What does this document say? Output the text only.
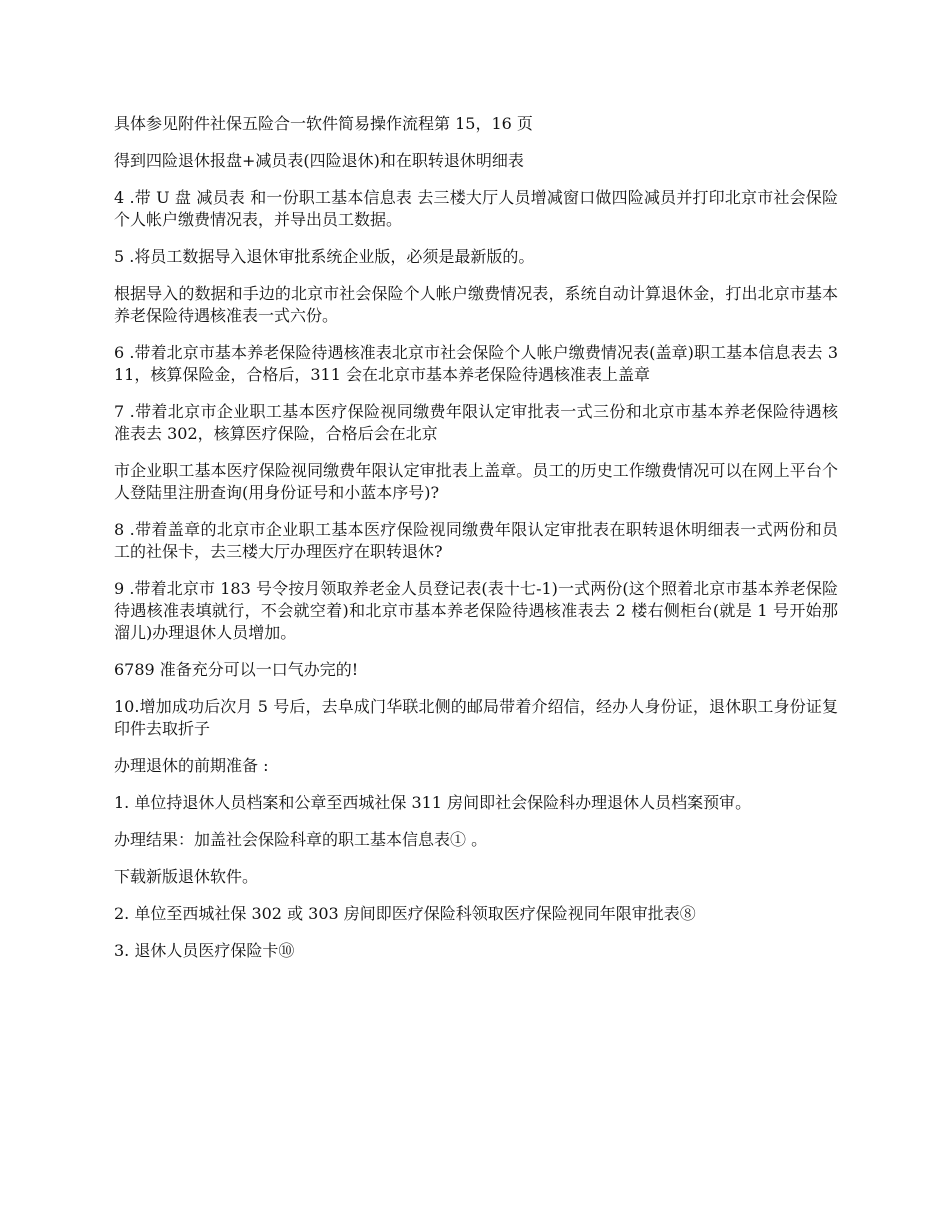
具体参见附件社保五险合一软件简易操作流程第 15，16 页

得到四险退休报盘+减员表(四险退休)和在职转退休明细表

4 .带 U 盘 减员表 和一份职工基本信息表 去三楼大厅人员增减窗口做四险减员并打印北京市社会保险个人帐户缴费情况表，并导出员工数据。

5 .将员工数据导入退休审批系统企业版，必须是最新版的。

根据导入的数据和手边的北京市社会保险个人帐户缴费情况表，系统自动计算退休金，打出北京市基本养老保险待遇核准表一式六份。

6 .带着北京市基本养老保险待遇核准表北京市社会保险个人帐户缴费情况表(盖章)职工基本信息表去 311，核算保险金，合格后，311 会在北京市基本养老保险待遇核准表上盖章

7 .带着北京市企业职工基本医疗保险视同缴费年限认定审批表一式三份和北京市基本养老保险待遇核准表去 302，核算医疗保险，合格后会在北京

市企业职工基本医疗保险视同缴费年限认定审批表上盖章。员工的历史工作缴费情况可以在网上平台个人登陆里注册查询(用身份证号和小蓝本序号)?

8 .带着盖章的北京市企业职工基本医疗保险视同缴费年限认定审批表在职转退休明细表一式两份和员工的社保卡，去三楼大厅办理医疗在职转退休?

9 .带着北京市 183 号令按月领取养老金人员登记表(表十七-1)一式两份(这个照着北京市基本养老保险待遇核准表填就行，不会就空着)和北京市基本养老保险待遇核准表去 2 楼右侧柜台(就是 1 号开始那溜儿)办理退休人员增加。

6789 准备充分可以一口气办完的!

10.增加成功后次月 5 号后，去阜成门华联北侧的邮局带着介绍信，经办人身份证，退休职工身份证复印件去取折子

办理退休的前期准备 :

1. 单位持退休人员档案和公章至西城社保 311 房间即社会保险科办理退休人员档案预审。

办理结果：加盖社会保险科章的职工基本信息表① 。

下载新版退休软件。

2. 单位至西城社保 302 或 303 房间即医疗保险科领取医疗保险视同年限审批表⑧

3. 退休人员医疗保险卡⑩
